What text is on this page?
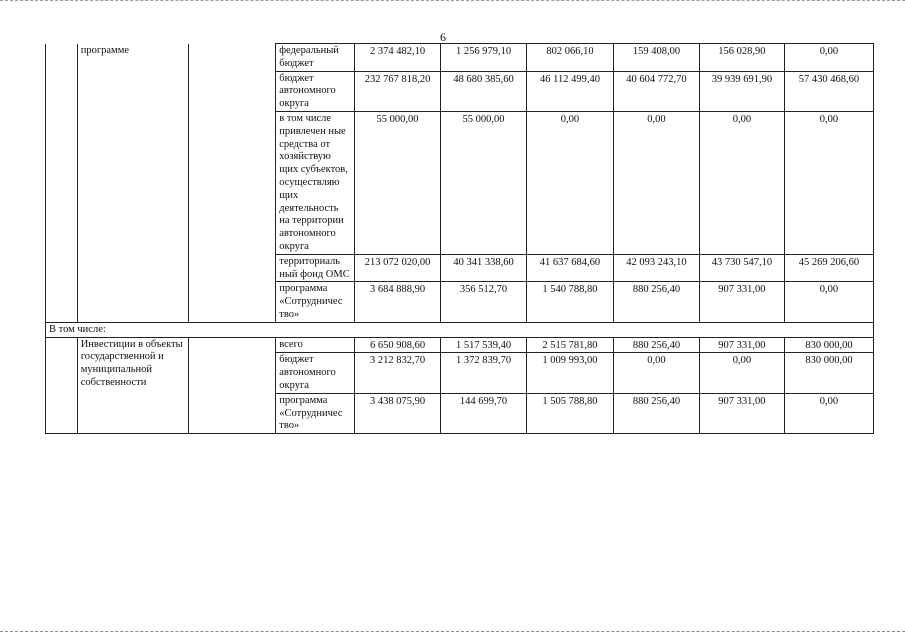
6
	программе		федеральный бюджет	2 374 482,10	1 256 979,10	802 066,10	159 408,00	156 028,90	0,00
			бюджет автономного округа	232 767 818,20	48 680 385,60	46 112 499,40	40 604 772,70	39 939 691,90	57 430 468,60
			в том числе привлечен ные средства от хозяйствую щих субъектов, осуществляю щих деятельность на территории автономного округа	55 000,00	55 000,00	0,00	0,00	0,00	0,00
			территориаль ный фонд ОМС	213 072 020,00	40 341 338,60	41 637 684,60	42 093 243,10	43 730 547,10	45 269 206,60
			программа «Сотрудничес тво»	3 684 888,90	356 512,70	1 540 788,80	880 256,40	907 331,00	0,00
В том числе:									
	Инвестиции в объекты государственной и муниципальной собственности		всего	6 650 908,60	1 517 539,40	2 515 781,80	880 256,40	907 331,00	830 000,00
			бюджет автономного округа	3 212 832,70	1 372 839,70	1 009 993,00	0,00	0,00	830 000,00
			программа «Сотрудничес тво»	3 438 075,90	144 699,70	1 505 788,80	880 256,40	907 331,00	0,00
